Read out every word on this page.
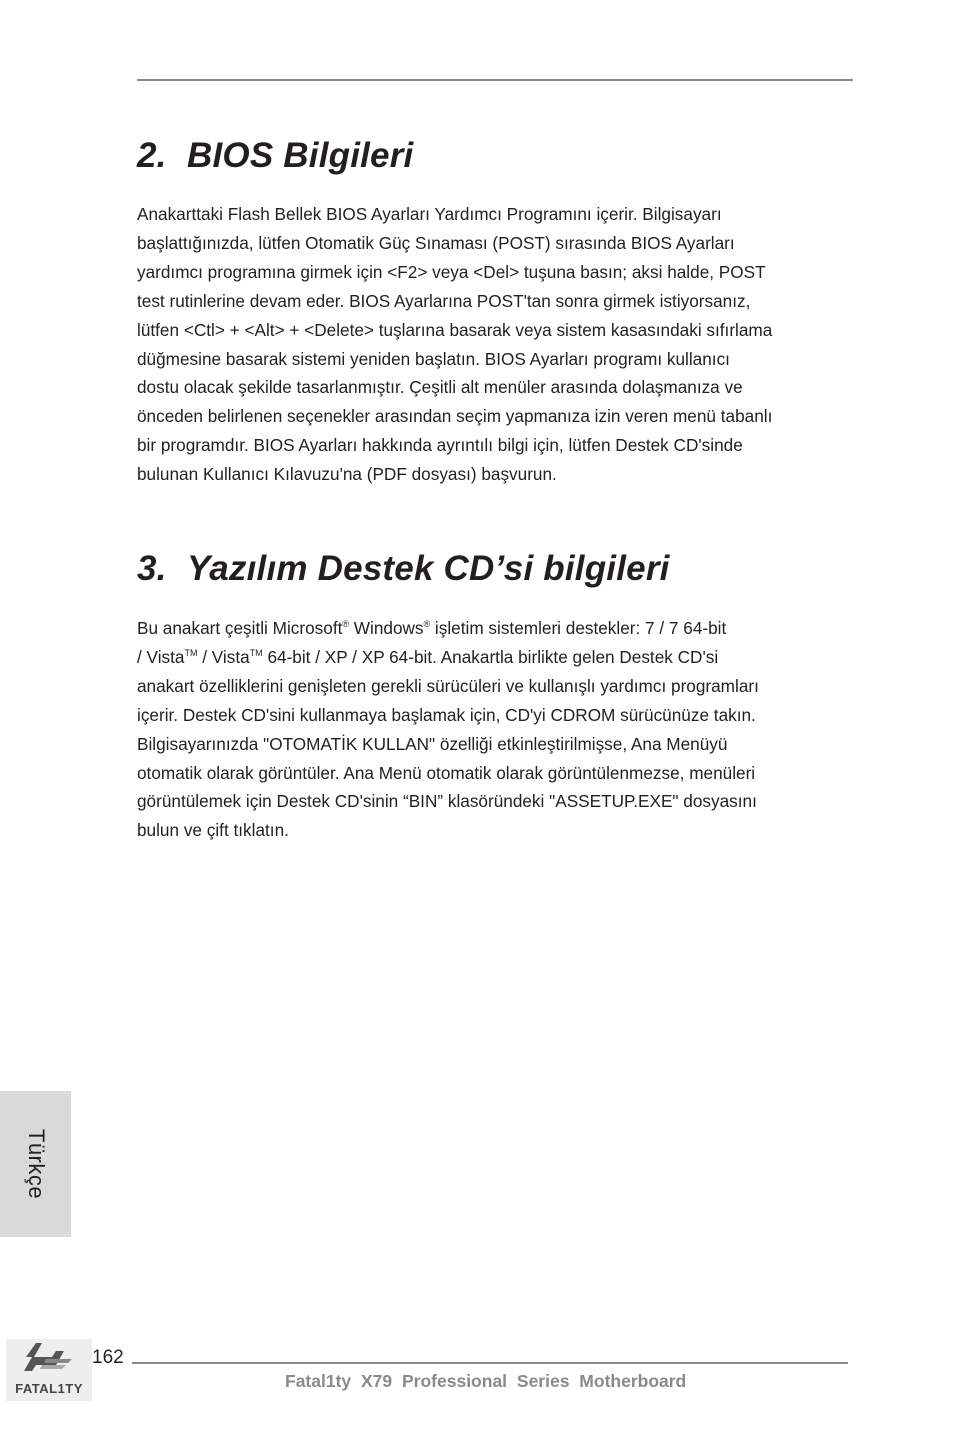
2. BIOS Bilgileri
Anakarttaki Flash Bellek BIOS Ayarları Yardımcı Programını içerir. Bilgisayarı
başlattığınızda, lütfen Otomatik Güç Sınaması (POST) sırasında BIOS Ayarları
yardımcı programına girmek için <F2> veya <Del> tuşuna basın; aksi halde, POST
test rutinlerine devam eder. BIOS Ayarlarına POST'tan sonra girmek istiyorsanız,
lütfen <Ctl> + <Alt> + <Delete> tuşlarına basarak veya sistem kasasındaki sıfırlama
düğmesine basarak sistemi yeniden başlatın. BIOS Ayarları programı kullanıcı
dostu olacak şekilde tasarlanmıştır. Çeşitli alt menüler arasında dolaşmanıza ve
önceden belirlenen seçenekler arasından seçim yapmanıza izin veren menü tabanlı
bir programdır. BIOS Ayarları hakkında ayrıntılı bilgi için, lütfen Destek CD'sinde
bulunan Kullanıcı Kılavuzu'na (PDF dosyası) başvurun.
3. Yazılım Destek CD’si bilgileri
Bu anakart çeşitli Microsoft® Windows® işletim sistemleri destekler: 7 / 7 64-bit
/ Vista™ / Vista™ 64-bit / XP / XP 64-bit. Anakartla birlikte gelen Destek CD'si
anakart özelliklerini genişleten gerekli sürücüleri ve kullanışlı yardımcı programları
içerir. Destek CD'sini kullanmaya başlamak için, CD'yi CDROM sürücünüze takın.
Bilgisayarınızda "OTOMATİK KULLAN" özelliği etkinleştirilmişse, Ana Menüyü
otomatik olarak görüntüler. Ana Menü otomatik olarak görüntülenmezse, menüleri
görüntülemek için Destek CD'sinin “BIN” klasöründeki "ASSETUP.EXE" dosyasını
bulun ve çift tıklatın.
Türkçe
FATAL1TY
162
Fatal1ty X79 Professional Series Motherboard
